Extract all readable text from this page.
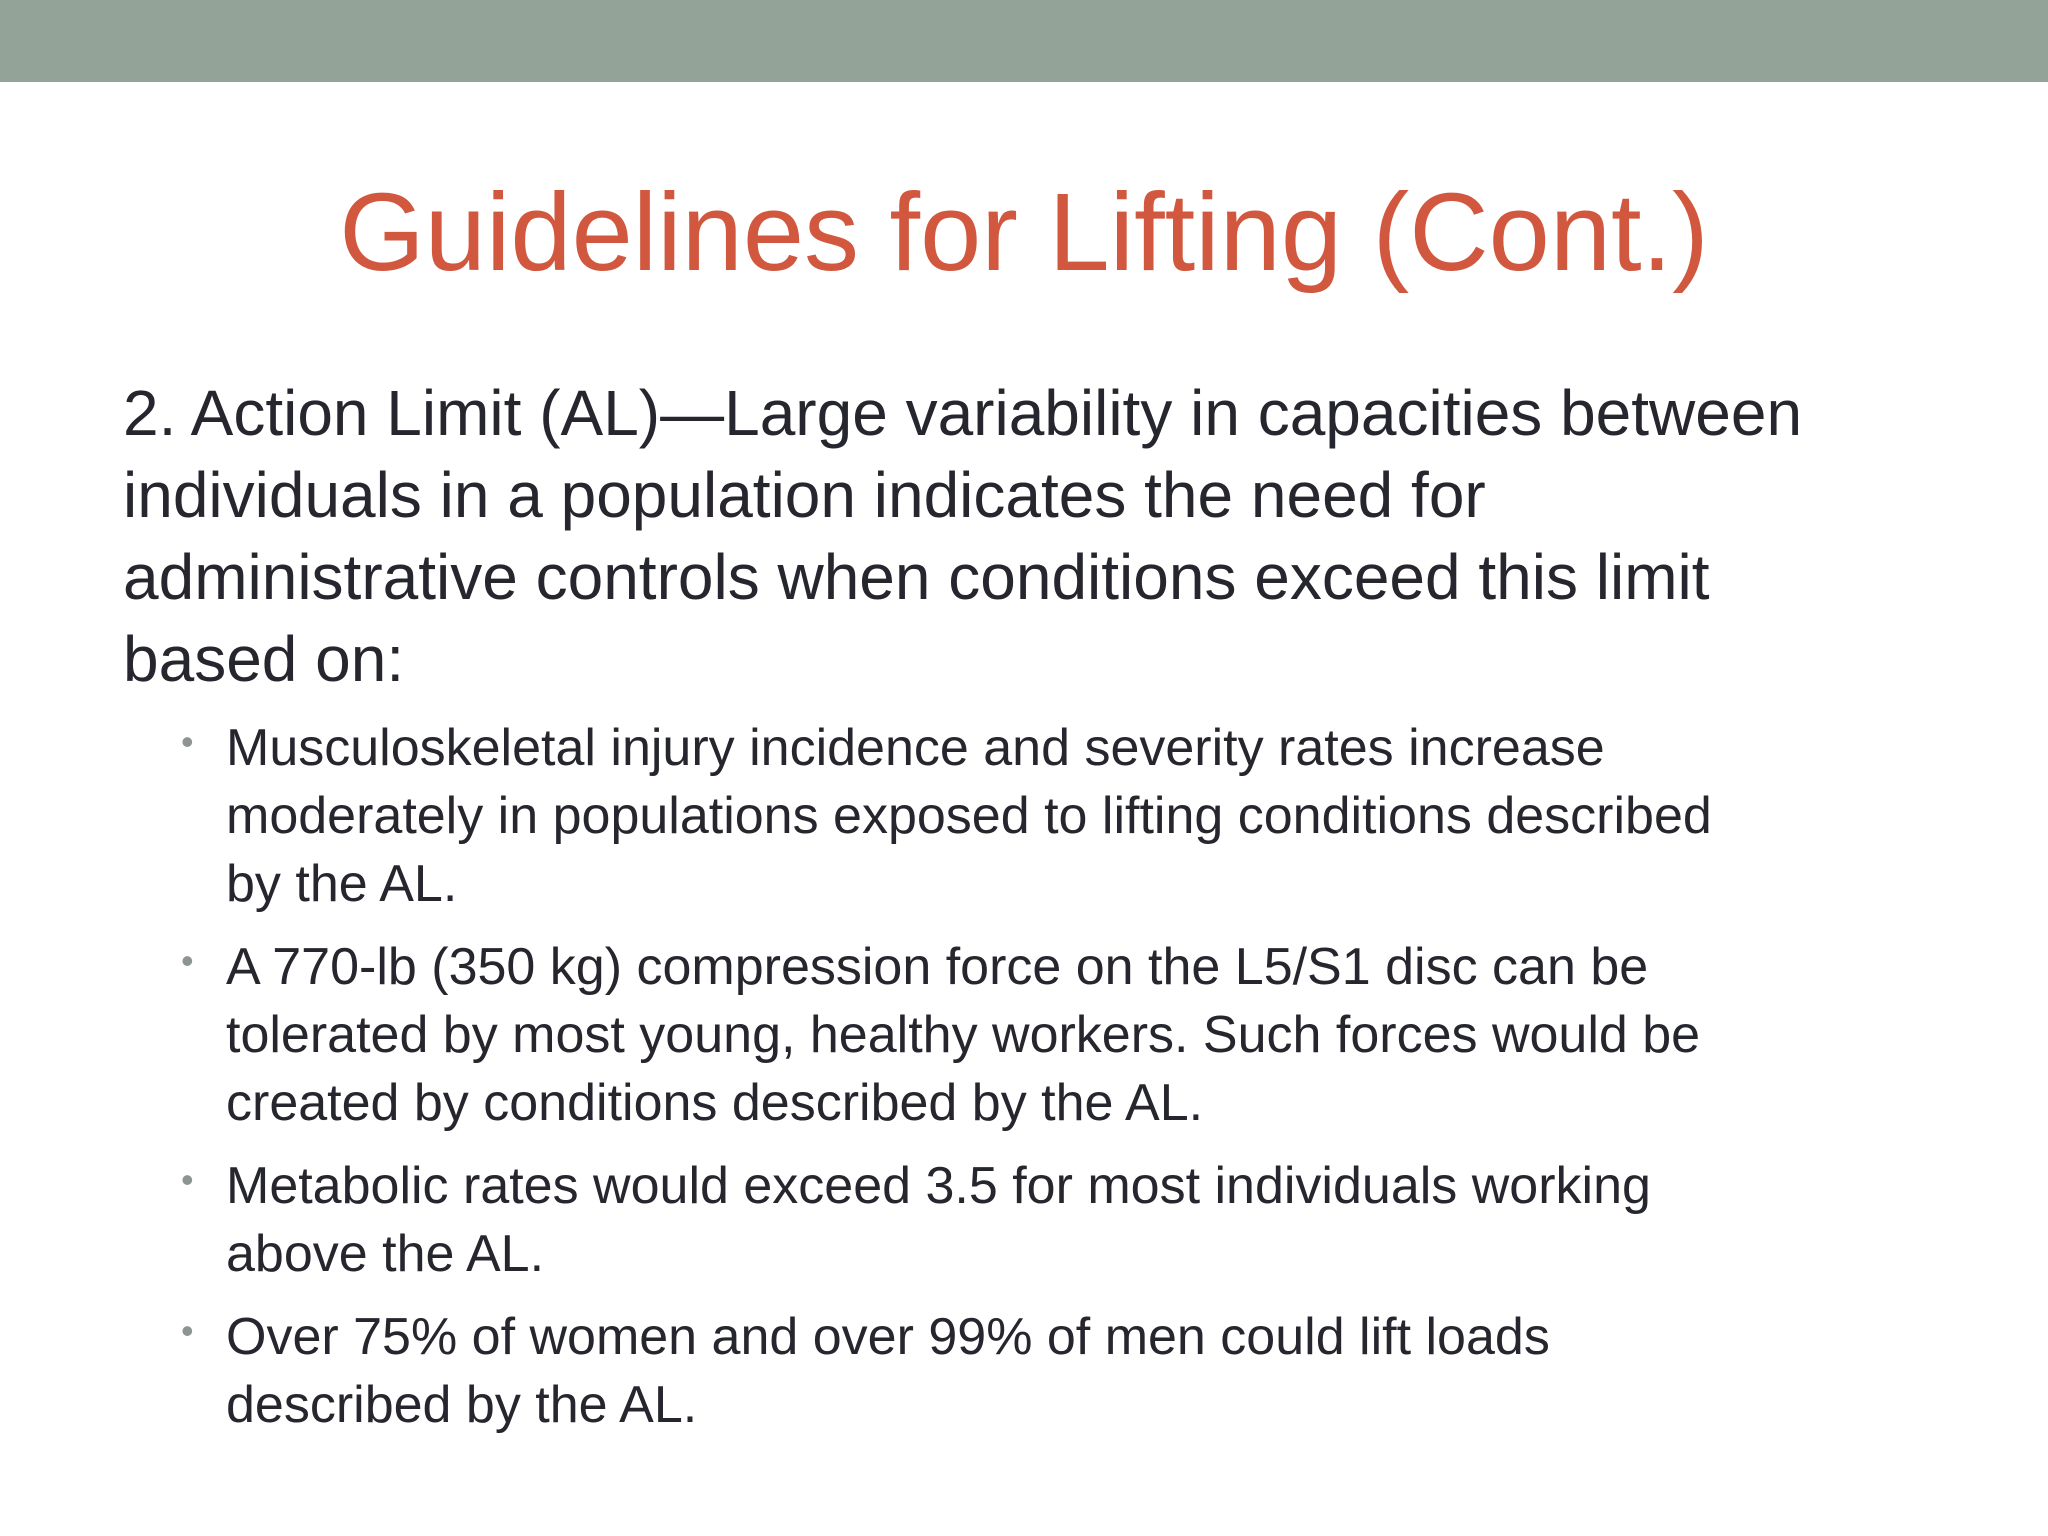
Guidelines for Lifting (Cont.)

2. Action Limit (AL)—Large variability in capacities between
individuals in a population indicates the need for
administrative controls when conditions exceed this limit
based on:

• Musculoskeletal injury incidence and severity rates increase
moderately in populations exposed to lifting conditions described
by the AL.
• A 770-lb (350 kg) compression force on the L5/S1 disc can be
tolerated by most young, healthy workers. Such forces would be
created by conditions described by the AL.
• Metabolic rates would exceed 3.5 for most individuals working
above the AL.
• Over 75% of women and over 99% of men could lift loads
described by the AL.
